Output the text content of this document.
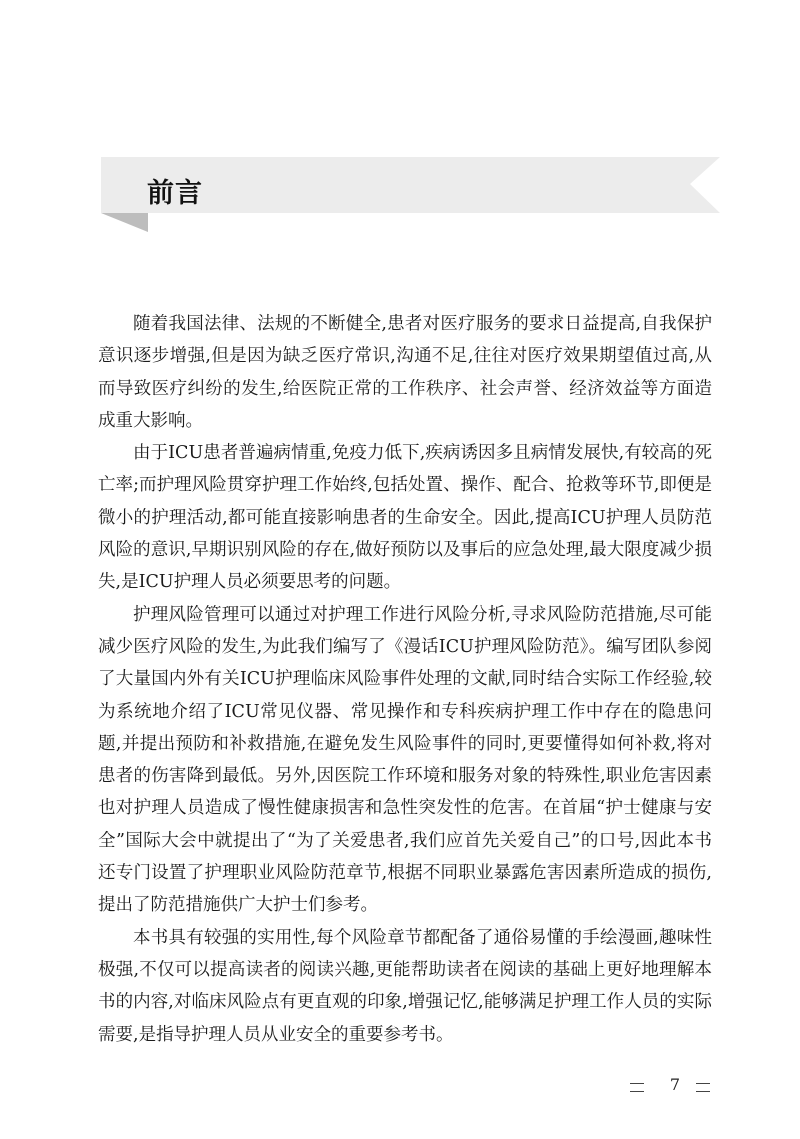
前言

随着我国法律、法规的不断健全,患者对医疗服务的要求日益提高,自我保护意识逐步增强,但是因为缺乏医疗常识,沟通不足,往往对医疗效果期望值过高,从而导致医疗纠纷的发生,给医院正常的工作秩序、社会声誉、经济效益等方面造成重大影响。

由于ICU患者普遍病情重,免疫力低下,疾病诱因多且病情发展快,有较高的死亡率;而护理风险贯穿护理工作始终,包括处置、操作、配合、抢救等环节,即便是微小的护理活动,都可能直接影响患者的生命安全。因此,提高ICU护理人员防范风险的意识,早期识别风险的存在,做好预防以及事后的应急处理,最大限度减少损失,是ICU护理人员必须要思考的问题。

护理风险管理可以通过对护理工作进行风险分析,寻求风险防范措施,尽可能减少医疗风险的发生,为此我们编写了《漫话ICU护理风险防范》。编写团队参阅了大量国内外有关ICU护理临床风险事件处理的文献,同时结合实际工作经验,较为系统地介绍了ICU常见仪器、常见操作和专科疾病护理工作中存在的隐患问题,并提出预防和补救措施,在避免发生风险事件的同时,更要懂得如何补救,将对患者的伤害降到最低。另外,因医院工作环境和服务对象的特殊性,职业危害因素也对护理人员造成了慢性健康损害和急性突发性的危害。在首届“护士健康与安全”国际大会中就提出了“为了关爱患者,我们应首先关爱自己”的口号,因此本书还专门设置了护理职业风险防范章节,根据不同职业暴露危害因素所造成的损伤,提出了防范措施供广大护士们参考。

本书具有较强的实用性,每个风险章节都配备了通俗易懂的手绘漫画,趣味性极强,不仅可以提高读者的阅读兴趣,更能帮助读者在阅读的基础上更好地理解本书的内容,对临床风险点有更直观的印象,增强记忆,能够满足护理工作人员的实际需要,是指导护理人员从业安全的重要参考书。

7
